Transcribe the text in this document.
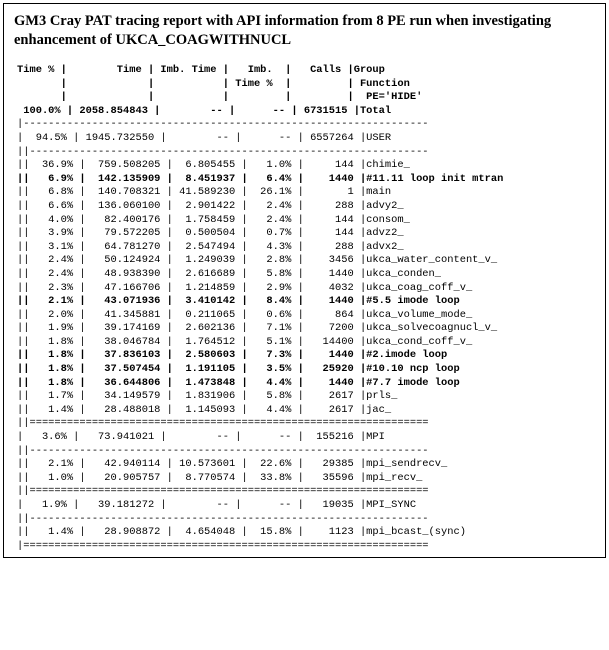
GM3 Cray PAT tracing report with API information from 8 PE run when investigating enhancement of UKCA_COAGWITHNUCL

Time % |        Time | Imb. Time |   Imb.  |   Calls |Group
|             |           | Time %  |         | Function
|             |           |         |         |  PE='HIDE'
100.0% | 2058.854843 |        -- |      -- | 6731515 |Total
|-----------------------------------------------------------------
|  94.5% | 1945.732550 |        -- |      -- | 6557264 |USER
||----------------------------------------------------------------
||  36.9% |  759.508205 |  6.805455 |   1.0% |     144 |chimie_
||   6.9% |  142.135909 |  8.451937 |   6.4% |    1440 |#11.11 loop init mtran
||   6.8% |  140.708321 | 41.589230 |  26.1% |       1 |main
||   6.6% |  136.060100 |  2.901422 |   2.4% |     288 |advy2_
||   4.0% |   82.400176 |  1.758459 |   2.4% |     144 |consom_
||   3.9% |   79.572205 |  0.500504 |   0.7% |     144 |advz2_
||   3.1% |   64.781270 |  2.547494 |   4.3% |     288 |advx2_
||   2.4% |   50.124924 |  1.249039 |   2.8% |    3456 |ukca_water_content_v_
||   2.4% |   48.938390 |  2.616689 |   5.8% |    1440 |ukca_conden_
||   2.3% |   47.166706 |  1.214859 |   2.9% |    4032 |ukca_coag_coff_v_
||   2.1% |   43.071936 |  3.410142 |   8.4% |    1440 |#5.5 imode loop
||   2.0% |   41.345881 |  0.211065 |   0.6% |     864 |ukca_volume_mode_
||   1.9% |   39.174169 |  2.602136 |   7.1% |    7200 |ukca_solvecoagnucl_v_
||   1.8% |   38.046784 |  1.764512 |   5.1% |   14400 |ukca_cond_coff_v_
||   1.8% |   37.836103 |  2.580603 |   7.3% |    1440 |#2.imode loop
||   1.8% |   37.507454 |  1.191105 |   3.5% |   25920 |#10.10 ncp loop
||   1.8% |   36.644806 |  1.473848 |   4.4% |    1440 |#7.7 imode loop
||   1.7% |   34.149579 |  1.831906 |   5.8% |    2617 |prls_
||   1.4% |   28.488018 |  1.145093 |   4.4% |    2617 |jac_
||================================================================
|   3.6% |   73.941021 |        -- |      -- |  155216 |MPI
||----------------------------------------------------------------
||   2.1% |   42.940114 | 10.573601 |  22.6% |   29385 |mpi_sendrecv_
||   1.0% |   20.905757 |  8.770574 |  33.8% |   35596 |mpi_recv_
||================================================================
|   1.9% |   39.181272 |        -- |      -- |   19035 |MPI_SYNC
||----------------------------------------------------------------
||   1.4% |   28.908872 |  4.654048 |  15.8% |    1123 |mpi_bcast_(sync)
|=================================================================
